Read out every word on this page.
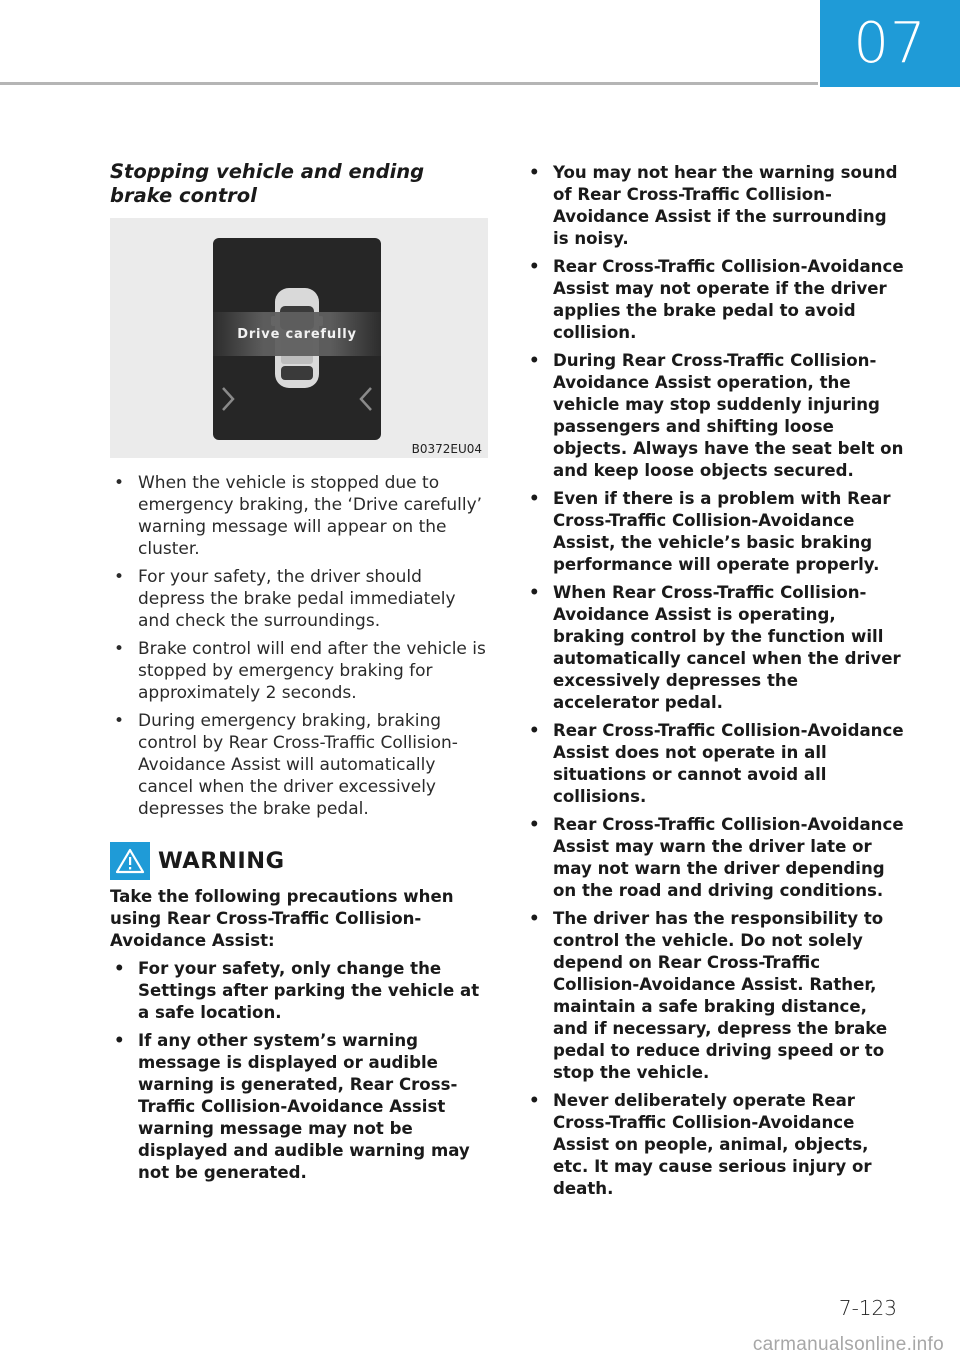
07
Stopping vehicle and ending brake control
Drive carefully
B0372EU04
• When the vehicle is stopped due to emergency braking, the ‘Drive carefully’ warning message will appear on the cluster.
• For your safety, the driver should depress the brake pedal immediately and check the surroundings.
• Brake control will end after the vehicle is stopped by emergency braking for approximately 2 seconds.
• During emergency braking, braking control by Rear Cross-Traffic Collision-Avoidance Assist will automatically cancel when the driver excessively depresses the brake pedal.
WARNING

Take the following precautions when using Rear Cross-Traffic Collision-Avoidance Assist:

• For your safety, only change the Settings after parking the vehicle at a safe location.
• If any other system’s warning message is displayed or audible warning is generated, Rear Cross-Traffic Collision-Avoidance Assist warning message may not be displayed and audible warning may not be generated.
• You may not hear the warning sound of Rear Cross-Traffic Collision-Avoidance Assist if the surrounding is noisy.
• Rear Cross-Traffic Collision-Avoidance Assist may not operate if the driver applies the brake pedal to avoid collision.
• During Rear Cross-Traffic Collision-Avoidance Assist operation, the vehicle may stop suddenly injuring passengers and shifting loose objects. Always have the seat belt on and keep loose objects secured.
• Even if there is a problem with Rear Cross-Traffic Collision-Avoidance Assist, the vehicle’s basic braking performance will operate properly.
• When Rear Cross-Traffic Collision-Avoidance Assist is operating, braking control by the function will automatically cancel when the driver excessively depresses the accelerator pedal.
• Rear Cross-Traffic Collision-Avoidance Assist does not operate in all situations or cannot avoid all collisions.
• Rear Cross-Traffic Collision-Avoidance Assist may warn the driver late or may not warn the driver depending on the road and driving conditions.
• The driver has the responsibility to control the vehicle. Do not solely depend on Rear Cross-Traffic Collision-Avoidance Assist. Rather, maintain a safe braking distance, and if necessary, depress the brake pedal to reduce driving speed or to stop the vehicle.
• Never deliberately operate Rear Cross-Traffic Collision-Avoidance Assist on people, animal, objects, etc. It may cause serious injury or death.
7-123
carmanualsonline.info
